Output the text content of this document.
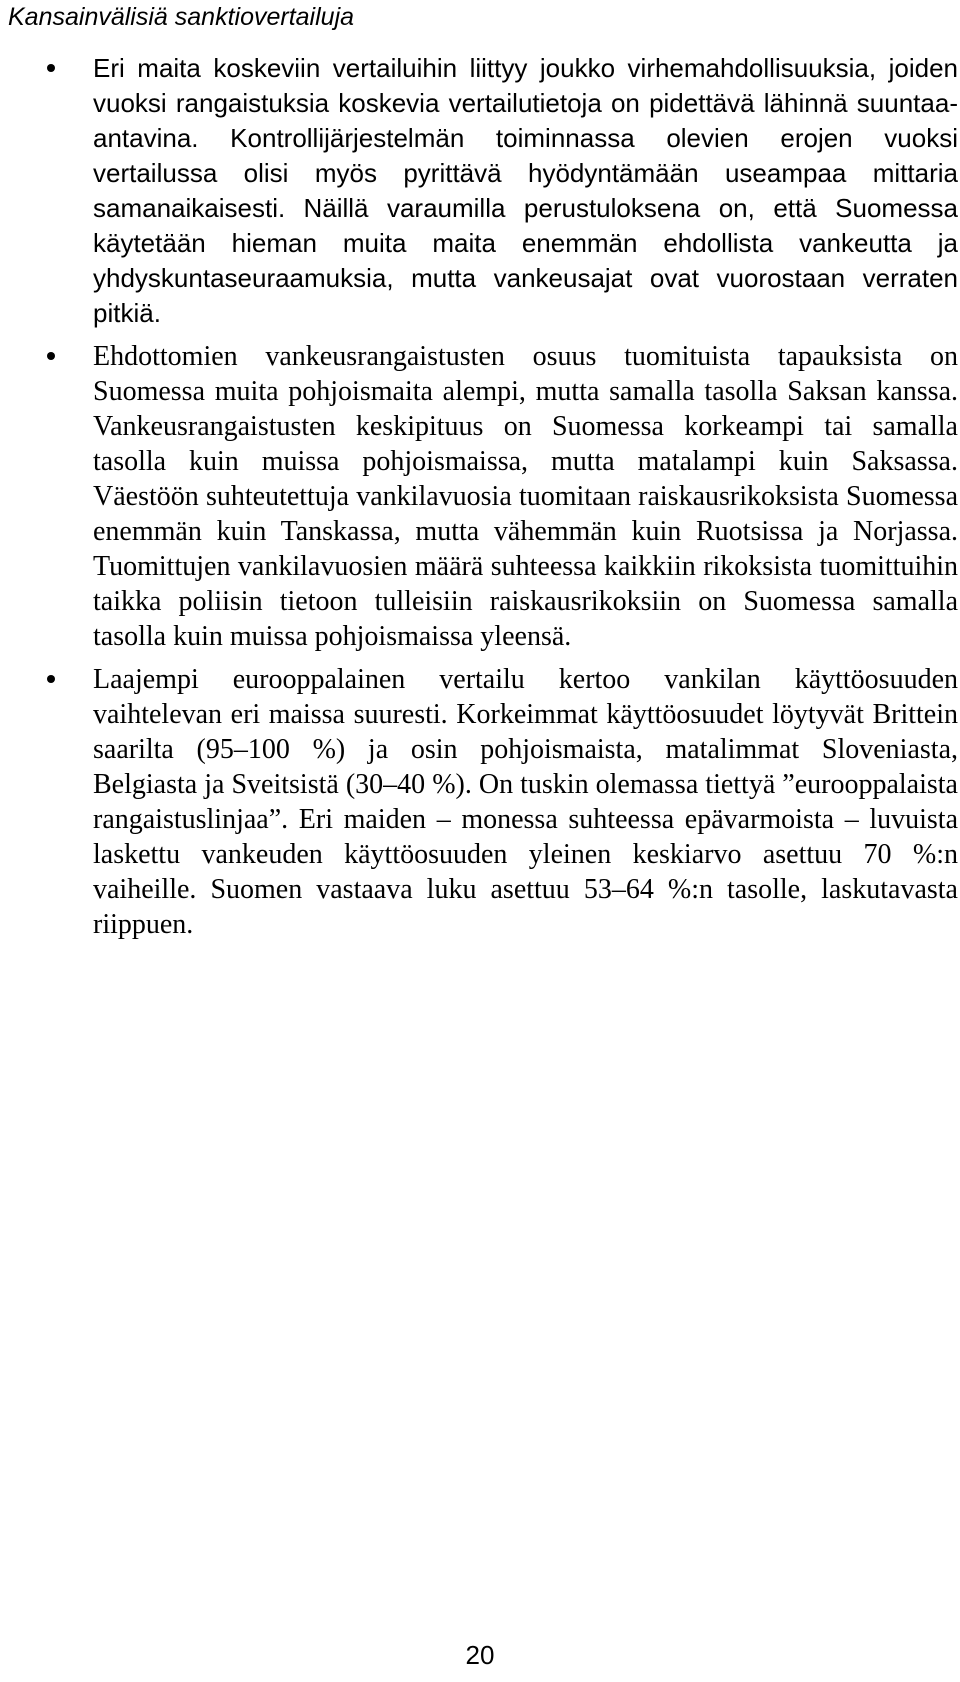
Kansainvälisiä sanktiovertailuja

Eri maita koskeviin vertailuihin liittyy joukko virhemahdollisuuksia, joiden vuoksi rangaistuksia koskevia vertailutietoja on pidettävä lähinnä suuntaa-antavina. Kontrollijärjestelmän toiminnassa olevien erojen vuoksi vertailussa olisi myös pyrittävä hyödyntämään useampaa mittaria samanaikaisesti. Näillä varaumilla perustuloksena on, että Suomessa käytetään hieman muita maita enemmän ehdollista vankeutta ja yhdyskuntaseuraamuksia, mutta vankeusajat ovat vuorostaan verraten pitkiä.

Ehdottomien vankeusrangaistusten osuus tuomituista tapauksista on Suomessa muita pohjoismaita alempi, mutta samalla tasolla Saksan kanssa. Vankeusrangaistusten keskipituus on Suomessa korkeampi tai samalla tasolla kuin muissa pohjoismaissa, mutta matalampi kuin Saksassa. Väestöön suhteutettuja vankilavuosia tuomitaan raiskausrikoksista Suomessa enemmän kuin Tanskassa, mutta vähemmän kuin Ruotsissa ja Norjassa. Tuomittujen vankilavuosien määrä suhteessa kaikkiin rikoksista tuomittuihin taikka poliisin tietoon tulleisiin raiskausrikoksiin on Suomessa samalla tasolla kuin muissa pohjoismaissa yleensä.

Laajempi eurooppalainen vertailu kertoo vankilan käyttöosuuden vaihtelevan eri maissa suuresti. Korkeimmat käyttöosuudet löytyvät Brittein saarilta (95–100 %) ja osin pohjoismaista, matalimmat Sloveniasta, Belgiasta ja Sveitsistä (30–40 %). On tuskin olemassa tiettyä ”eurooppalaista rangaistuslinjaa”. Eri maiden – monessa suhteessa epävarmoista – luvuista laskettu vankeuden käyttöosuuden yleinen keskiarvo asettuu 70 %:n vaiheille. Suomen vastaava luku asettuu 53–64 %:n tasolle, laskutavasta riippuen.

20
